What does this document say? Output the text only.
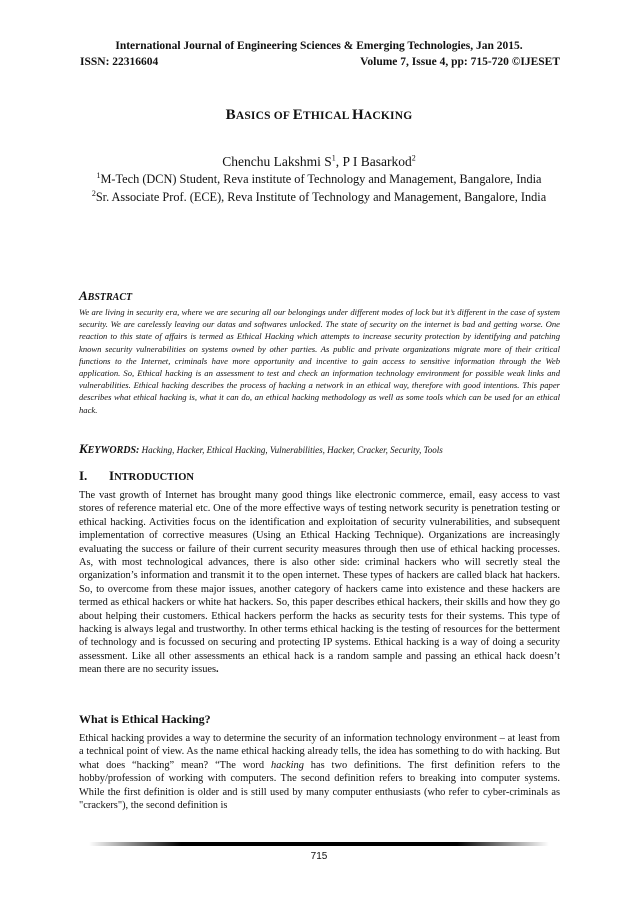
International Journal of Engineering Sciences & Emerging Technologies, Jan 2015.
ISSN: 22316604	Volume 7, Issue 4, pp: 715-720 ©IJESET
BASICS OF ETHICAL HACKING
Chenchu Lakshmi $S^1$, P I Basarkod$^2$
$^1$M-Tech (DCN) Student, Reva institute of Technology and Management, Bangalore, India
$^2$Sr. Associate Prof. (ECE), Reva Institute of Technology and Management, Bangalore, India
ABSTRACT
We are living in security era, where we are securing all our belongings under different modes of lock but it’s different in the case of system security. We are carelessly leaving our datas and softwares unlocked. The state of security on the internet is bad and getting worse. One reaction to this state of affairs is termed as Ethical Hacking which attempts to increase security protection by identifying and patching known security vulnerabilities on systems owned by other parties. As public and private organizations migrate more of their critical functions to the Internet, criminals have more opportunity and incentive to gain access to sensitive information through the Web application. So, Ethical hacking is an assessment to test and check an information technology environment for possible weak links and vulnerabilities. Ethical hacking describes the process of hacking a network in an ethical way, therefore with good intentions. This paper describes what ethical hacking is, what it can do, an ethical hacking methodology as well as some tools which can be used for an ethical hack.
KEYWORDS: Hacking, Hacker, Ethical Hacking, Vulnerabilities, Hacker, Cracker, Security, Tools
I. INTRODUCTION
The vast growth of Internet has brought many good things like electronic commerce, email, easy access to vast stores of reference material etc. One of the more effective ways of testing network security is penetration testing or ethical hacking. Activities focus on the identification and exploitation of security vulnerabilities, and subsequent implementation of corrective measures (Using an Ethical Hacking Technique). Organizations are increasingly evaluating the success or failure of their current security measures through then use of ethical hacking processes. As, with most technological advances, there is also other side: criminal hackers who will secretly steal the organization’s information and transmit it to the open internet. These types of hackers are called black hat hackers. So, to overcome from these major issues, another category of hackers came into existence and these hackers are termed as ethical hackers or white hat hackers. So, this paper describes ethical hackers, their skills and how they go about helping their customers. Ethical hackers perform the hacks as security tests for their systems. This type of hacking is always legal and trustworthy. In other terms ethical hacking is the testing of resources for the betterment of technology and is focussed on securing and protecting IP systems. Ethical hacking is a way of doing a security assessment. Like all other assessments an ethical hack is a random sample and passing an ethical hack doesn’t mean there are no security issues.
What is Ethical Hacking?
Ethical hacking provides a way to determine the security of an information technology environment – at least from a technical point of view. As the name ethical hacking already tells, the idea has something to do with hacking. But what does “hacking” mean? “The word hacking has two definitions. The first definition refers to the hobby/profession of working with computers. The second definition refers to breaking into computer systems. While the first definition is older and is still used by many computer enthusiasts (who refer to cyber-criminals as "crackers"), the second definition is
715
